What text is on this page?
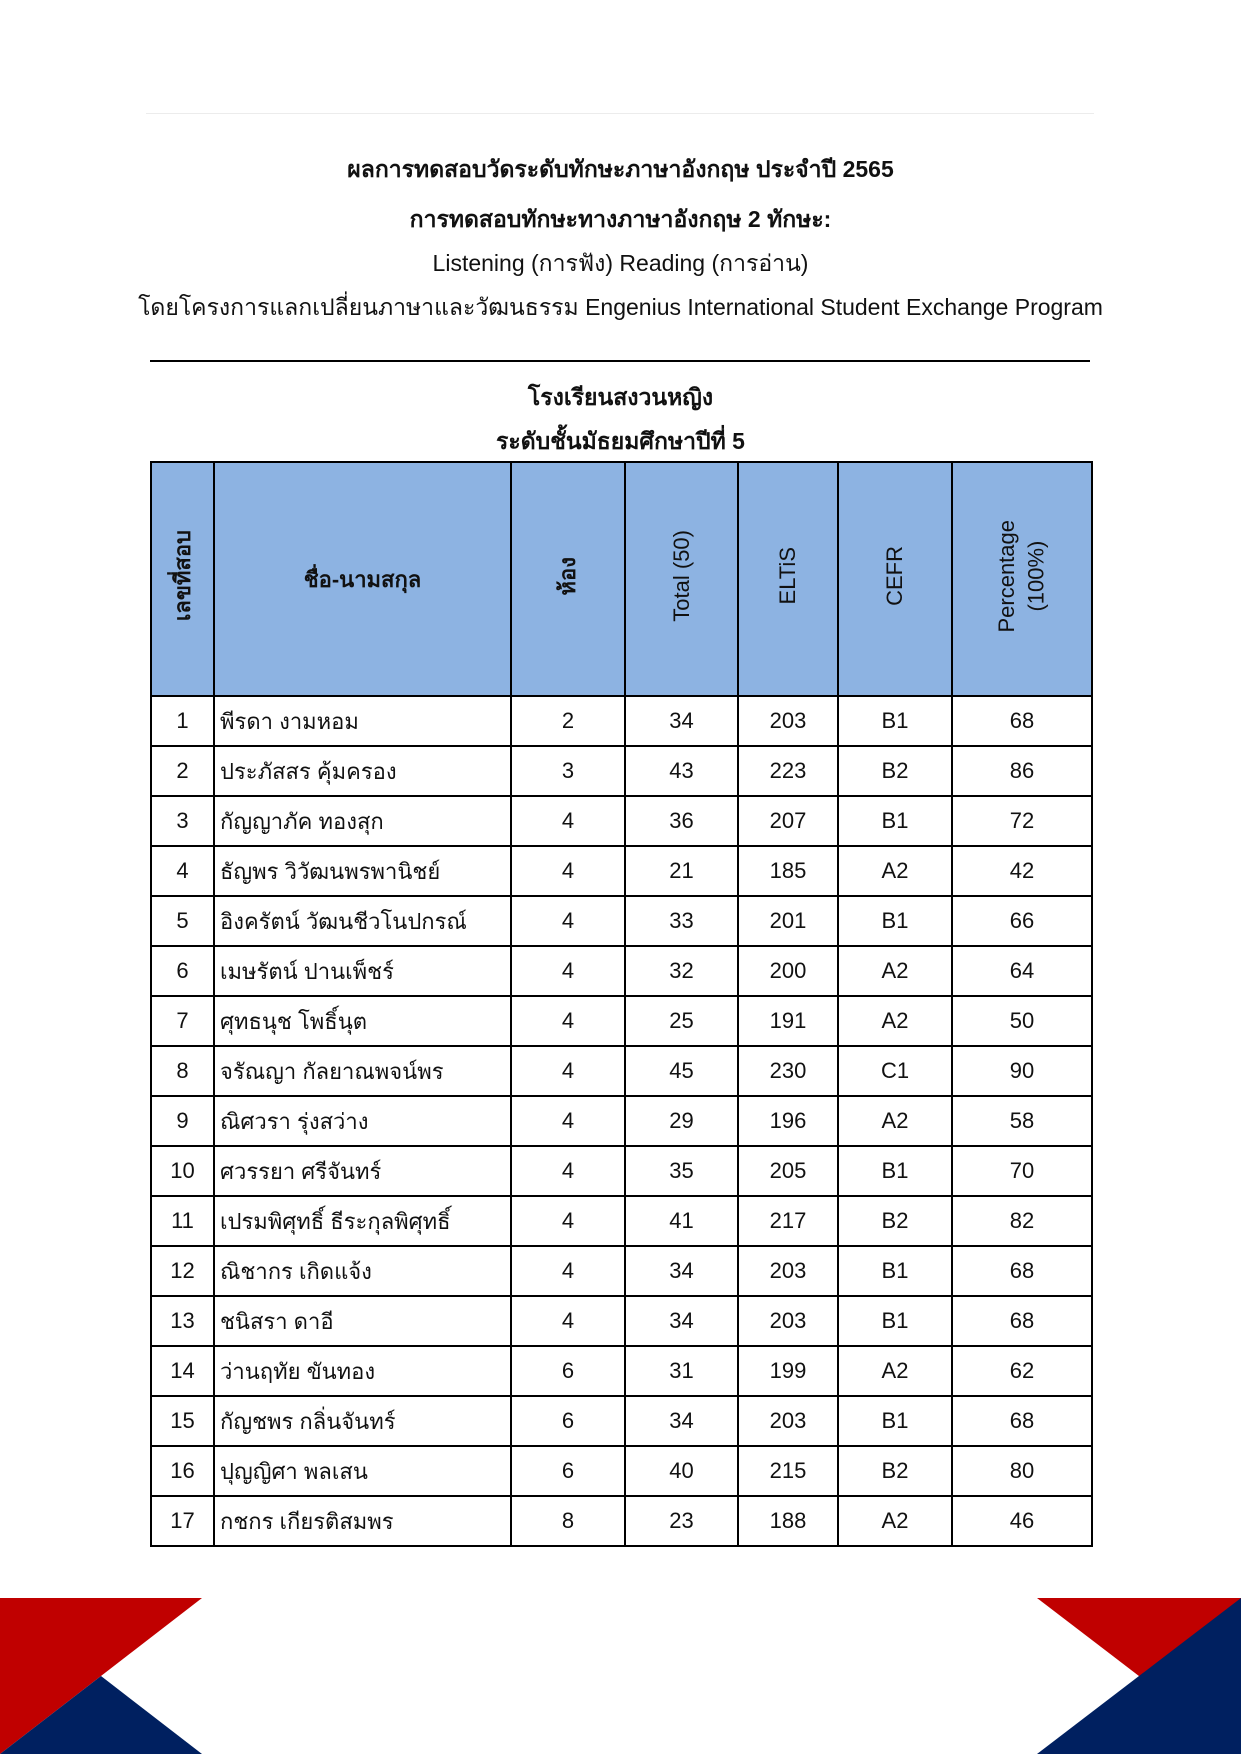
ผลการทดสอบวัดระดับทักษะภาษาอังกฤษ ประจำปี 2565
การทดสอบทักษะทางภาษาอังกฤษ 2 ทักษะ:
Listening (การฟัง) Reading (การอ่าน)
โดยโครงการแลกเปลี่ยนภาษาและวัฒนธรรม Engenius International Student Exchange Program
โรงเรียนสงวนหญิง
ระดับชั้นมัธยมศึกษาปีที่ 5
เลขที่สอบ	ชื่อ-นามสกุล	ห้อง	Total (50)	ELTiS	CEFR	Percentage (100%)
1	พีรดา งามหอม	2	34	203	B1	68
2	ประภัสสร คุ้มครอง	3	43	223	B2	86
3	กัญญาภัค ทองสุก	4	36	207	B1	72
4	ธัญพร วิวัฒนพรพานิชย์	4	21	185	A2	42
5	อิงครัตน์ วัฒนชีวโนปกรณ์	4	33	201	B1	66
6	เมษรัตน์ ปานเพ็ชร์	4	32	200	A2	64
7	ศุทธนุช โพธิ์นุต	4	25	191	A2	50
8	จรัณญา กัลยาณพจน์พร	4	45	230	C1	90
9	ณิศวรา รุ่งสว่าง	4	29	196	A2	58
10	ศวรรยา ศรีจันทร์	4	35	205	B1	70
11	เปรมพิศุทธิ์ ธีระกุลพิศุทธิ์	4	41	217	B2	82
12	ณิชากร เกิดแจ้ง	4	34	203	B1	68
13	ชนิสรา ดาอี	4	34	203	B1	68
14	ว่านฤทัย ขันทอง	6	31	199	A2	62
15	กัญชพร กลิ่นจันทร์	6	34	203	B1	68
16	ปุญญิศา พลเสน	6	40	215	B2	80
17	กชกร เกียรติสมพร	8	23	188	A2	46
